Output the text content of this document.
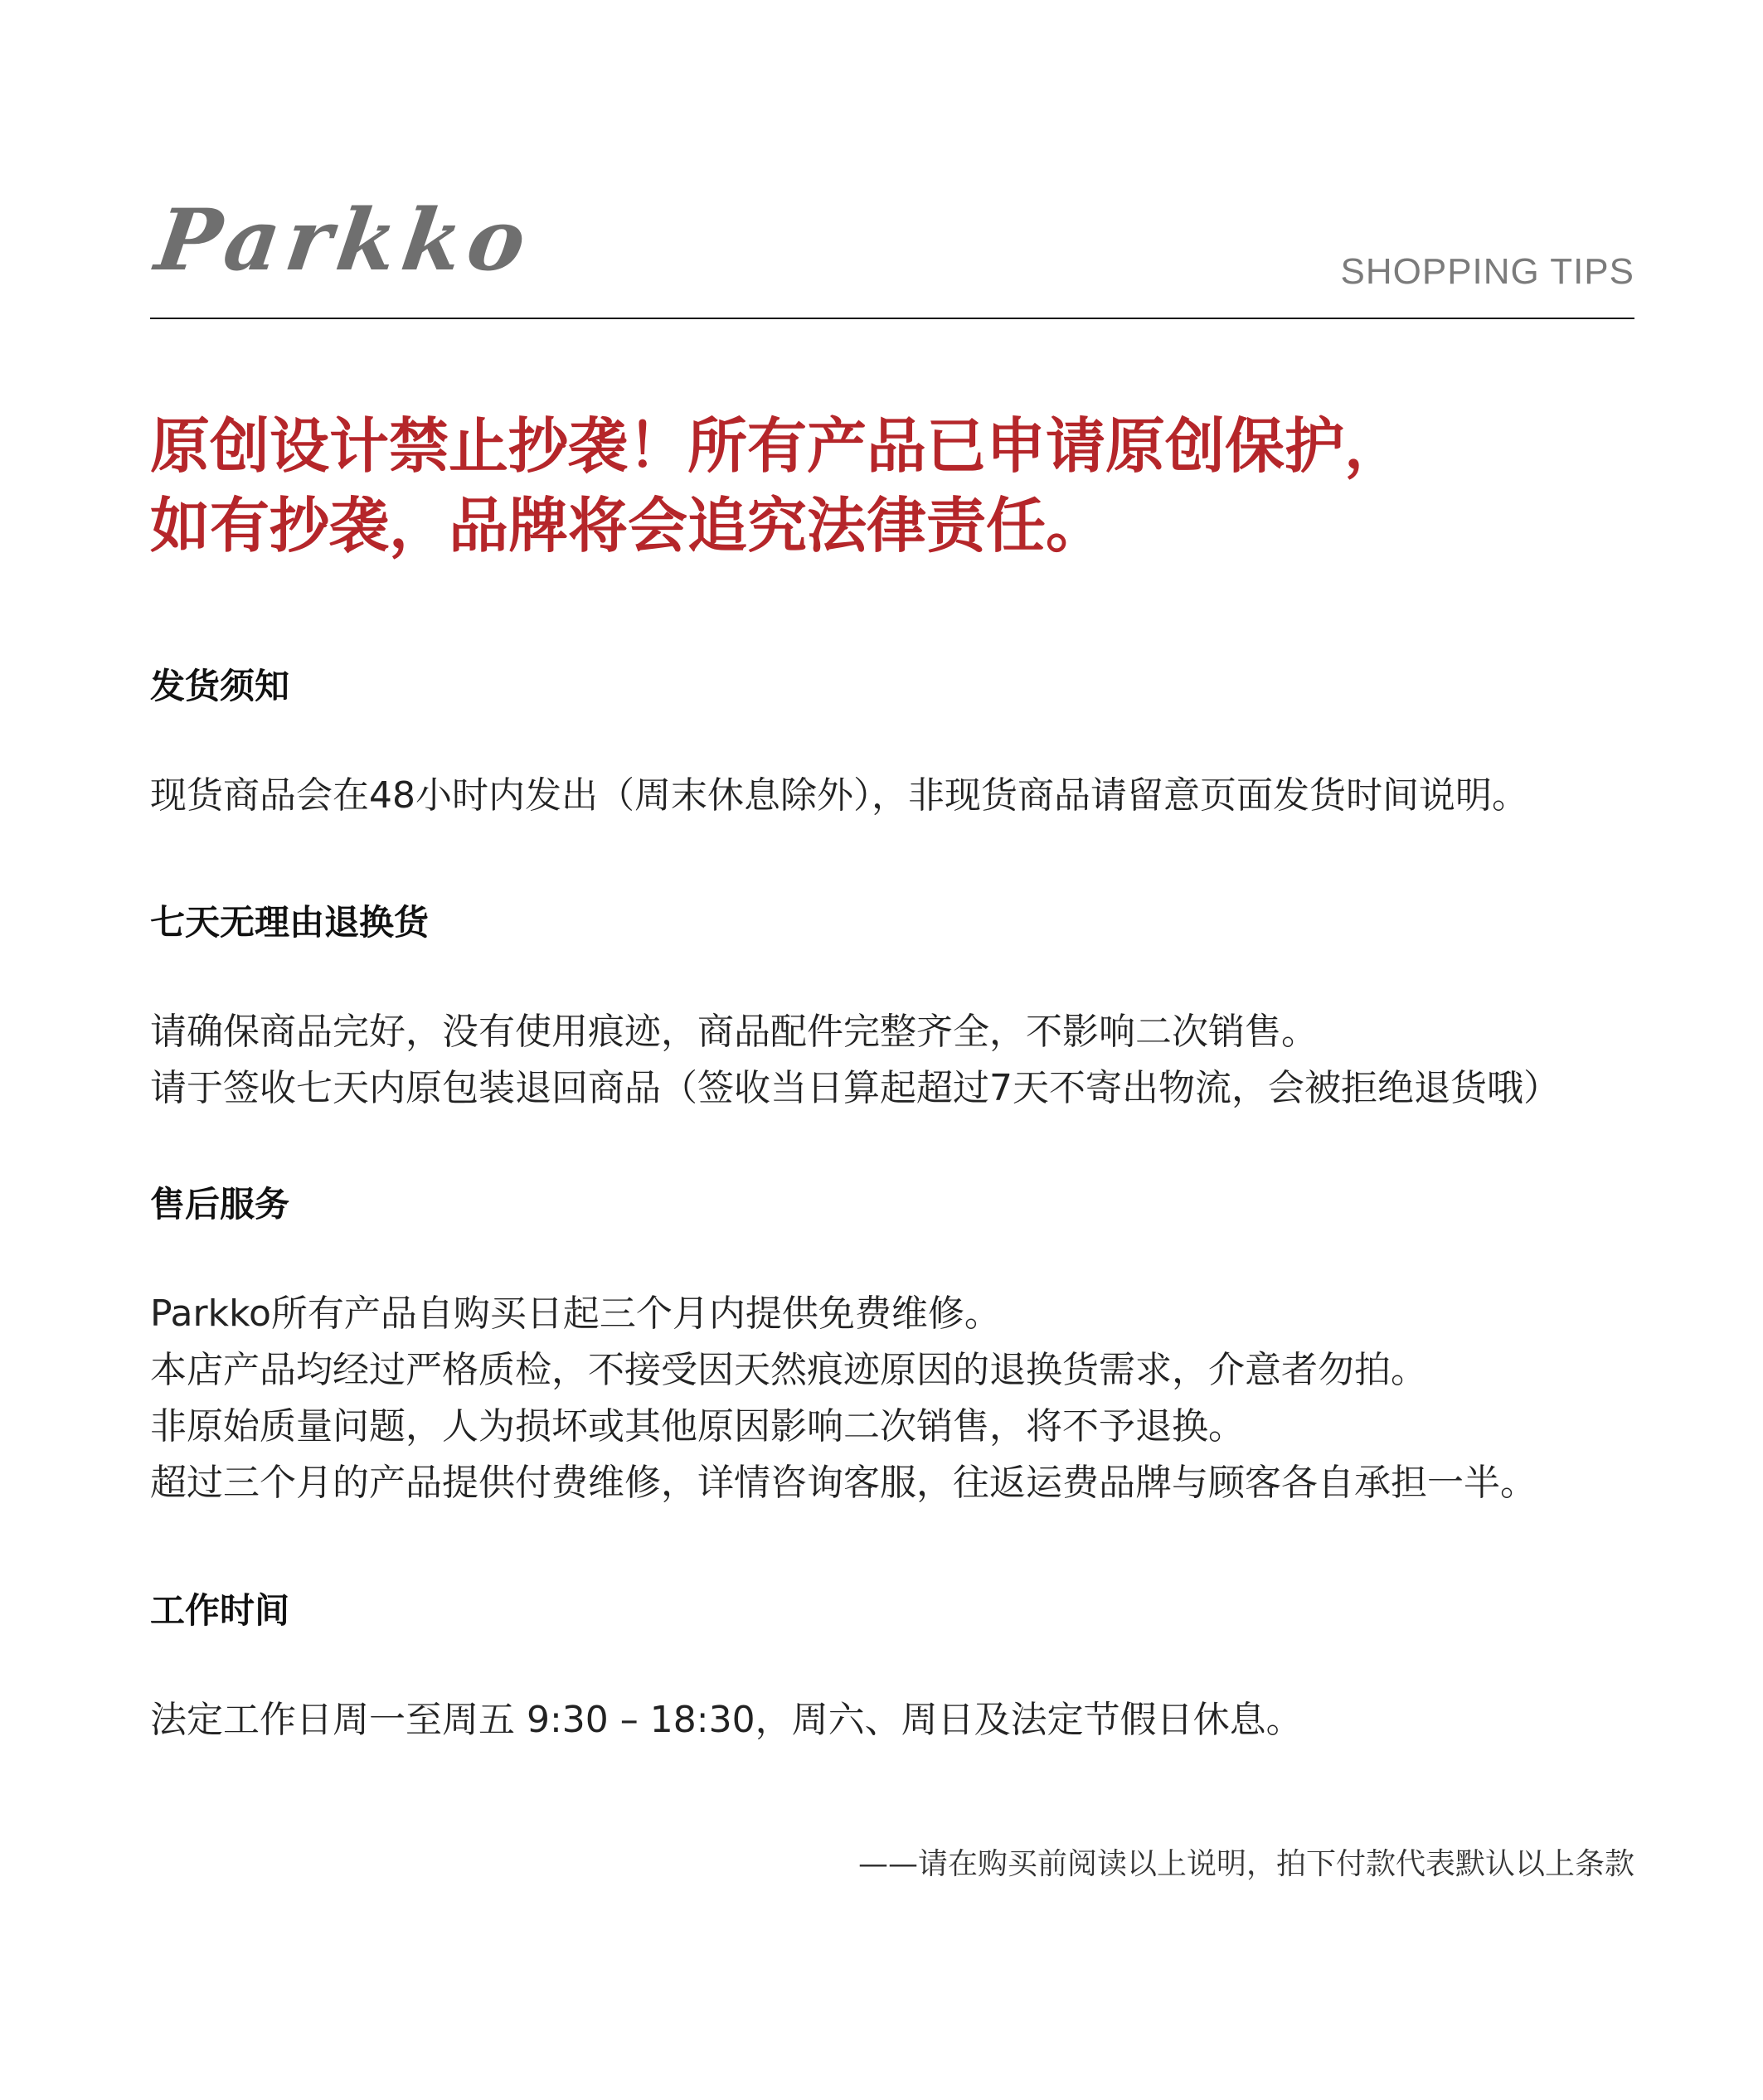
Parkko	SHOPPING TIPS
原创设计禁止抄袭！所有产品已申请原创保护，
如有抄袭，品牌将会追究法律责任。
发货须知

现货商品会在48小时内发出（周末休息除外），非现货商品请留意页面发货时间说明。

七天无理由退换货

请确保商品完好，没有使用痕迹，商品配件完整齐全，不影响二次销售。

请于签收七天内原包装退回商品（签收当日算起超过7天不寄出物流，会被拒绝退货哦）

售后服务

Parkko所有产品自购买日起三个月内提供免费维修。

本店产品均经过严格质检，不接受因天然痕迹原因的退换货需求，介意者勿拍。

非原始质量问题，人为损坏或其他原因影响二次销售，将不予退换。

超过三个月的产品提供付费维修，详情咨询客服，往返运费品牌与顾客各自承担一半。

工作时间

法定工作日周一至周五 9:30 – 18:30，周六、周日及法定节假日休息。

——请在购买前阅读以上说明，拍下付款代表默认以上条款
